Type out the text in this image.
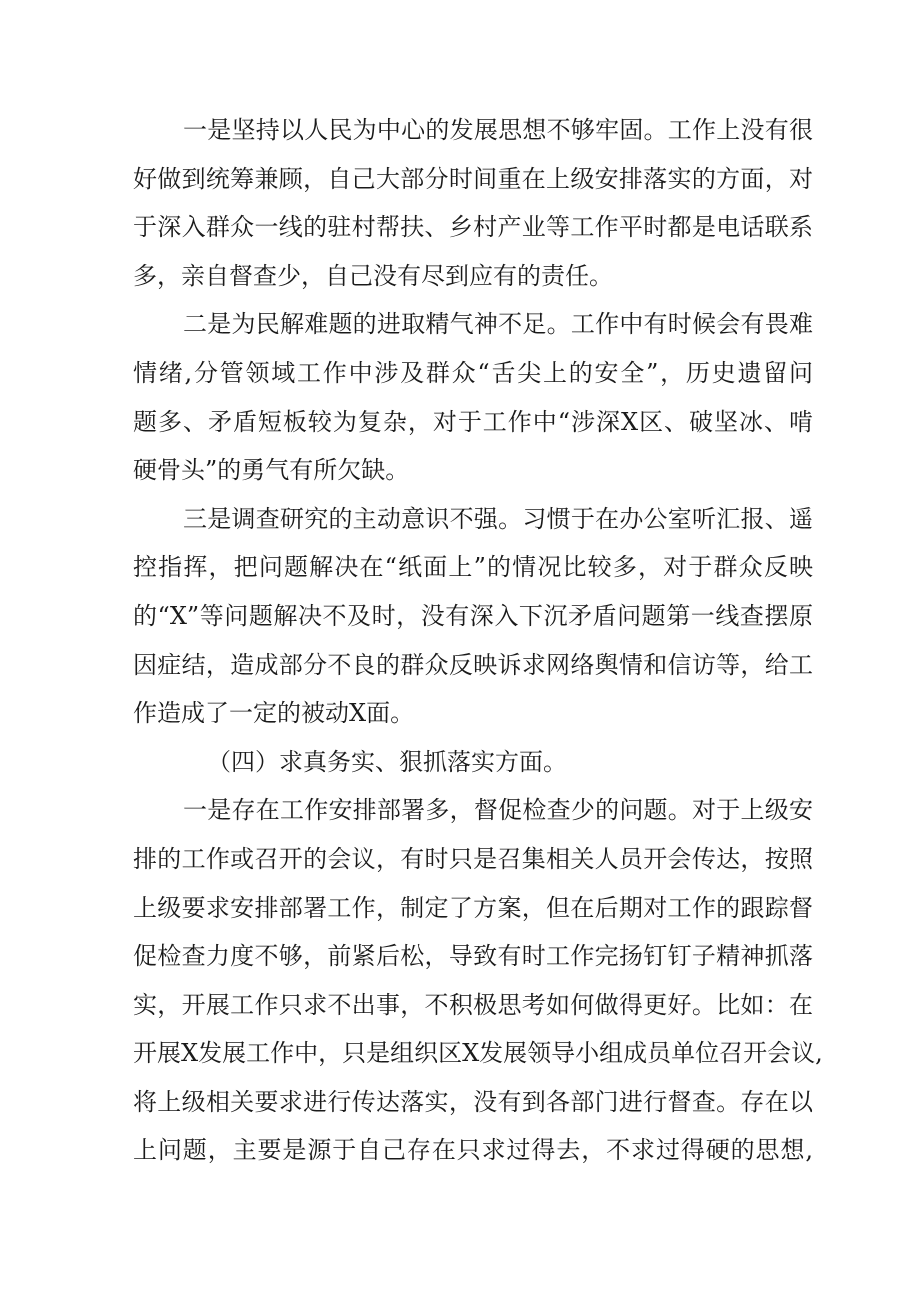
一是坚持以人民为中心的发展思想不够牢固。工作上没有很
好做到统筹兼顾，自己大部分时间重在上级安排落实的方面，对
于深入群众一线的驻村帮扶、乡村产业等工作平时都是电话联系
多，亲自督查少，自己没有尽到应有的责任。
二是为民解难题的进取精气神不足。工作中有时候会有畏难
情绪,分管领域工作中涉及群众“舌尖上的安全”，历史遗留问
题多、矛盾短板较为复杂，对于工作中“涉深X区、破坚冰、啃
硬骨头”的勇气有所欠缺。
三是调查研究的主动意识不强。习惯于在办公室听汇报、遥
控指挥，把问题解决在“纸面上”的情况比较多，对于群众反映
的“X”等问题解决不及时，没有深入下沉矛盾问题第一线查摆原
因症结，造成部分不良的群众反映诉求网络舆情和信访等，给工
作造成了一定的被动X面。
（四）求真务实、狠抓落实方面。
一是存在工作安排部署多，督促检查少的问题。对于上级安
排的工作或召开的会议，有时只是召集相关人员开会传达，按照
上级要求安排部署工作，制定了方案，但在后期对工作的跟踪督
促检查力度不够，前紧后松，导致有时工作完扬钉钉子精神抓落
实，开展工作只求不出事，不积极思考如何做得更好。比如：在
开展X发展工作中，只是组织区X发展领导小组成员单位召开会议,
将上级相关要求进行传达落实，没有到各部门进行督查。存在以
上问题，主要是源于自己存在只求过得去，不求过得硬的思想,
